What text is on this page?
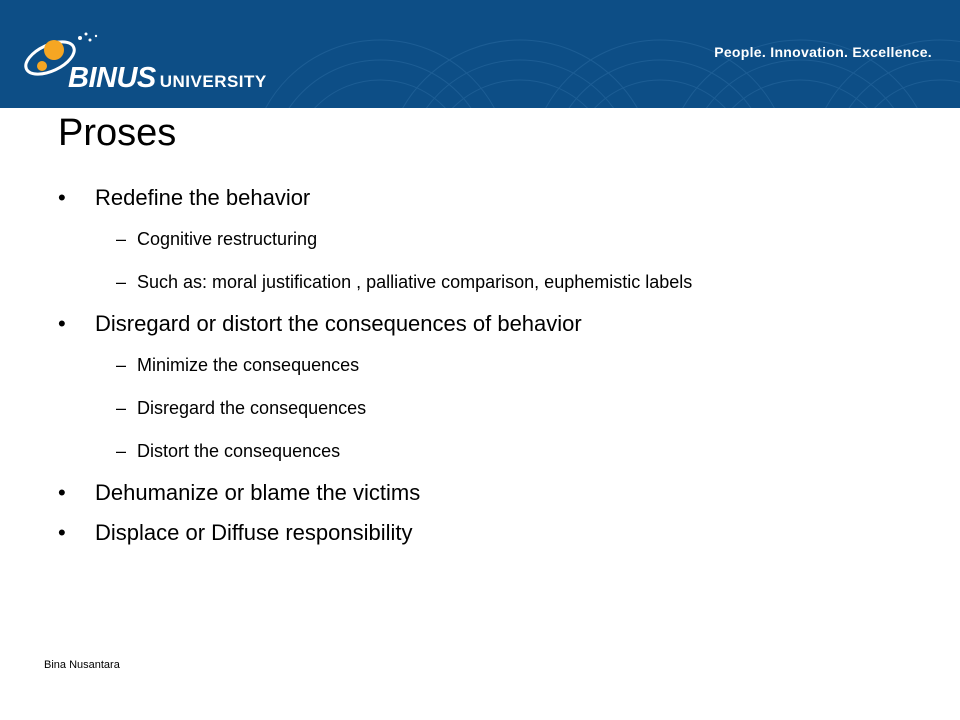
BINUS UNIVERSITY
People. Innovation. Excellence.
Proses
•	Redefine the behavior
– Cognitive restructuring
– Such as: moral justification , palliative comparison, euphemistic labels
•	Disregard or distort the consequences of behavior
– Minimize the consequences
– Disregard the consequences
– Distort the consequences
•	Dehumanize or blame the victims
•	Displace or Diffuse responsibility
Bina Nusantara
